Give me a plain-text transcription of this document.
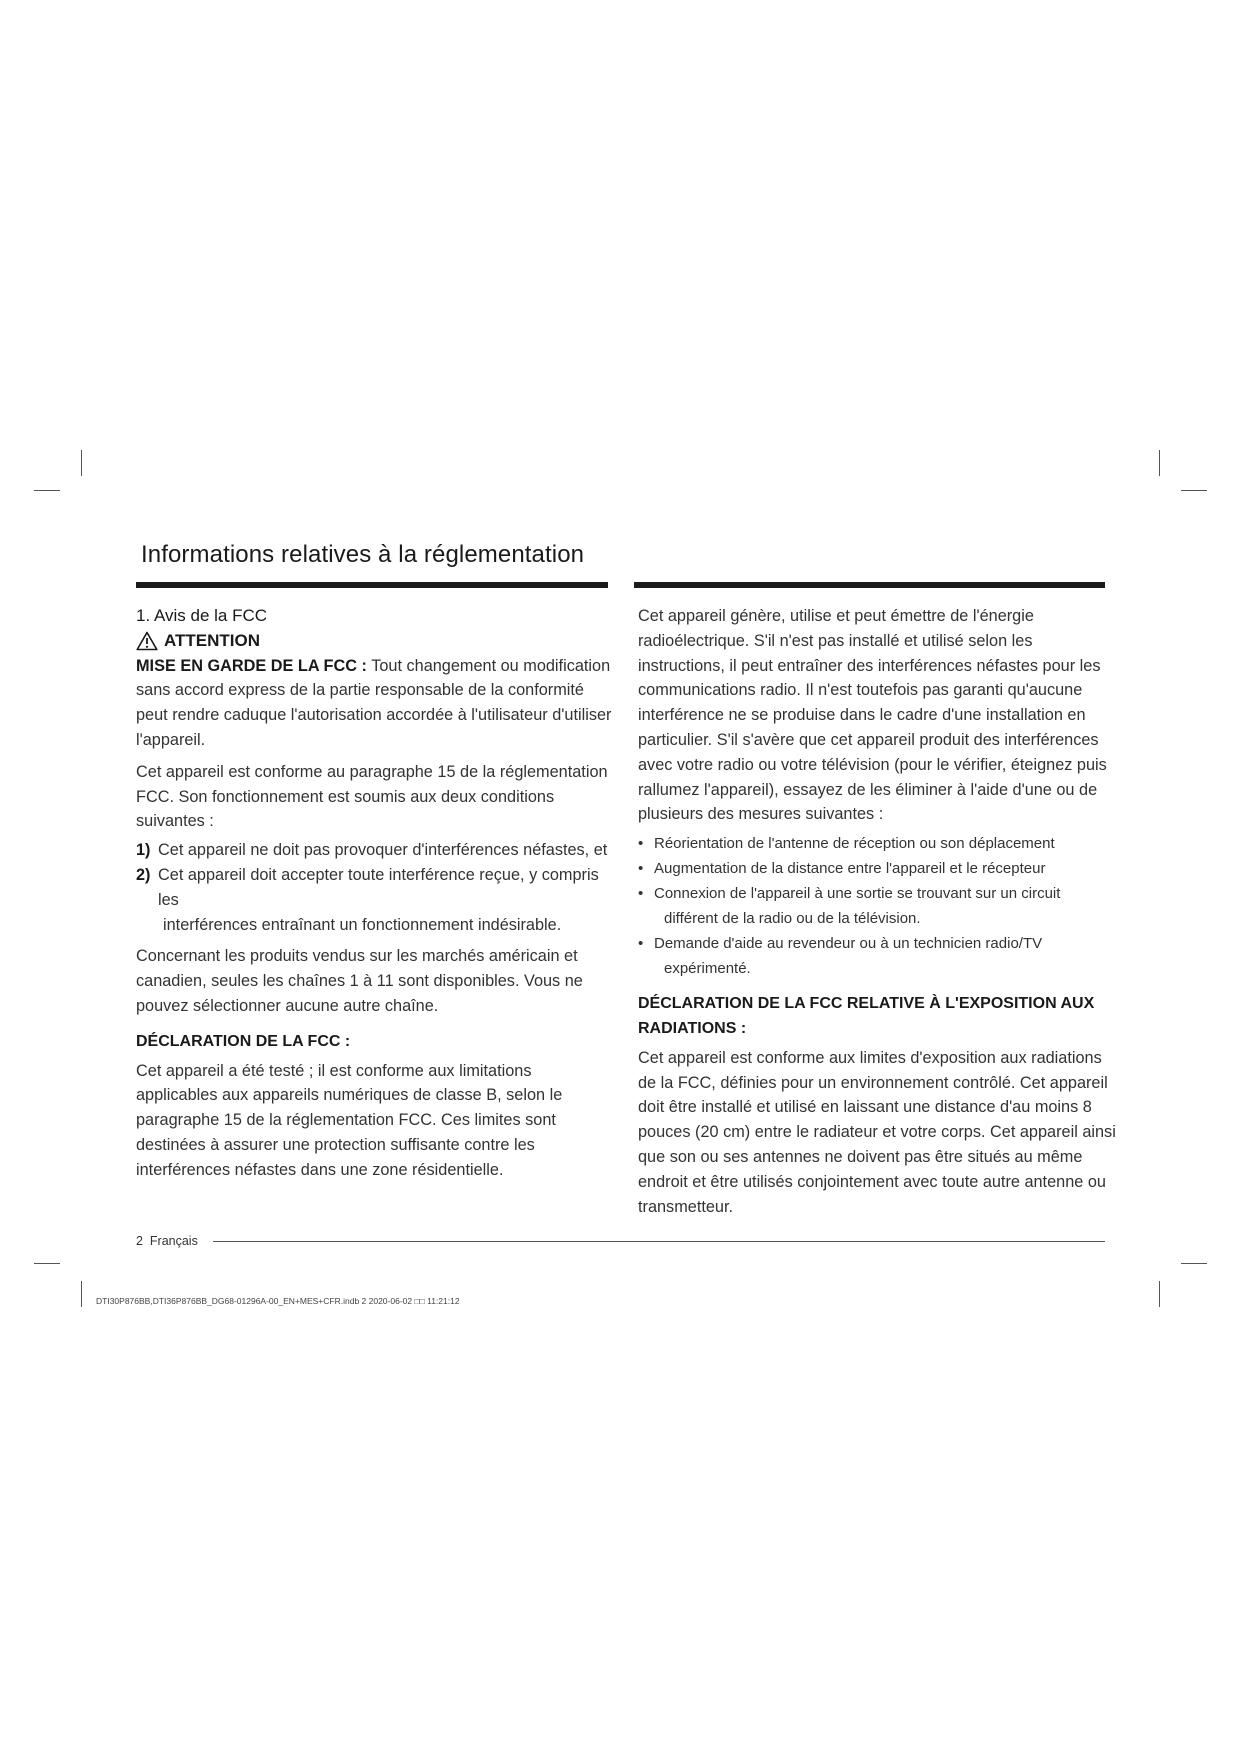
Informations relatives à la réglementation

1. Avis de la FCC

ATTENTION

MISE EN GARDE DE LA FCC : Tout changement ou modification sans accord express de la partie responsable de la conformité peut rendre caduque l'autorisation accordée à l'utilisateur d'utiliser l'appareil.

Cet appareil est conforme au paragraphe 15 de la réglementation FCC. Son fonctionnement est soumis aux deux conditions suivantes :

1) Cet appareil ne doit pas provoquer d'interférences néfastes, et
2) Cet appareil doit accepter toute interférence reçue, y compris les
interférences entraînant un fonctionnement indésirable.

Concernant les produits vendus sur les marchés américain et canadien, seules les chaînes 1 à 11 sont disponibles. Vous ne pouvez sélectionner aucune autre chaîne.

DÉCLARATION DE LA FCC :

Cet appareil a été testé ; il est conforme aux limitations applicables aux appareils numériques de classe B, selon le paragraphe 15 de la réglementation FCC. Ces limites sont destinées à assurer une protection suffisante contre les interférences néfastes dans une zone résidentielle.

Cet appareil génère, utilise et peut émettre de l'énergie radioélectrique. S'il n'est pas installé et utilisé selon les instructions, il peut entraîner des interférences néfastes pour les communications radio. Il n'est toutefois pas garanti qu'aucune interférence ne se produise dans le cadre d'une installation en particulier. S'il s'avère que cet appareil produit des interférences avec votre radio ou votre télévision (pour le vérifier, éteignez puis rallumez l'appareil), essayez de les éliminer à l'aide d'une ou de plusieurs des mesures suivantes :

• Réorientation de l'antenne de réception ou son déplacement
• Augmentation de la distance entre l'appareil et le récepteur
• Connexion de l'appareil à une sortie se trouvant sur un circuit
différent de la radio ou de la télévision.
• Demande d'aide au revendeur ou à un technicien radio/TV
expérimenté.

DÉCLARATION DE LA FCC RELATIVE À L'EXPOSITION AUX RADIATIONS :

Cet appareil est conforme aux limites d'exposition aux radiations de la FCC, définies pour un environnement contrôlé. Cet appareil doit être installé et utilisé en laissant une distance d'au moins 8 pouces (20 cm) entre le radiateur et votre corps. Cet appareil ainsi que son ou ses antennes ne doivent pas être situés au même endroit et être utilisés conjointement avec toute autre antenne ou transmetteur.

2 Français
DTI30P876BB,DTI36P876BB_DG68-01296A-00_EN+MES+CFR.indb 2 2020-06-02 □□ 11:21:12
